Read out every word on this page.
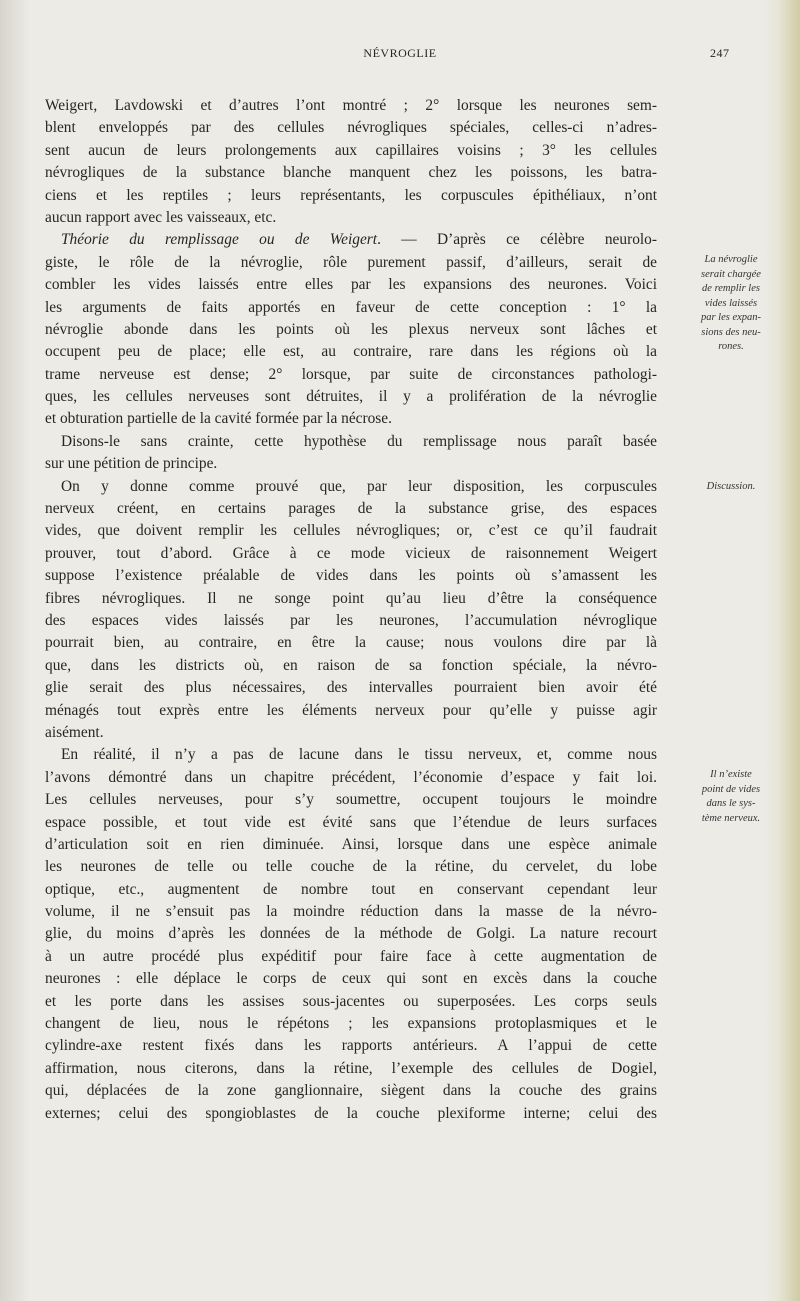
NÉVROGLIE	247
Weigert, Lavdowski et d’autres l’ont montré ; 2° lorsque les neurones sem-
blent enveloppés par des cellules névrogliques spéciales, celles-ci n’adres-
sent aucun de leurs prolongements aux capillaires voisins ; 3° les cellules
névrogliques de la substance blanche manquent chez les poissons, les batra-
ciens et les reptiles ; leurs représentants, les corpuscules épithéliaux, n’ont
aucun rapport avec les vaisseaux, etc.
Théorie du remplissage ou de Weigert. — D’après ce célèbre neurolo-
giste, le rôle de la névroglie, rôle purement passif, d’ailleurs, serait de
combler les vides laissés entre elles par les expansions des neurones. Voici
les arguments de faits apportés en faveur de cette conception : 1° la
névroglie abonde dans les points où les plexus nerveux sont lâches et
occupent peu de place; elle est, au contraire, rare dans les régions où la
trame nerveuse est dense; 2° lorsque, par suite de circonstances pathologi-
ques, les cellules nerveuses sont détruites, il y a prolifération de la névroglie
et obturation partielle de la cavité formée par la nécrose.
Disons-le sans crainte, cette hypothèse du remplissage nous paraît basée
sur une pétition de principe.
On y donne comme prouvé que, par leur disposition, les corpuscules
nerveux créent, en certains parages de la substance grise, des espaces
vides, que doivent remplir les cellules névrogliques; or, c’est ce qu’il faudrait
prouver, tout d’abord. Grâce à ce mode vicieux de raisonnement Weigert
suppose l’existence préalable de vides dans les points où s’amassent les
fibres névrogliques. Il ne songe point qu’au lieu d’être la conséquence
des espaces vides laissés par les neurones, l’accumulation névroglique
pourrait bien, au contraire, en être la cause; nous voulons dire par là
que, dans les districts où, en raison de sa fonction spéciale, la névro-
glie serait des plus nécessaires, des intervalles pourraient bien avoir été
ménagés tout exprès entre les éléments nerveux pour qu’elle y puisse agir
aisément.
En réalité, il n’y a pas de lacune dans le tissu nerveux, et, comme nous
l’avons démontré dans un chapitre précédent, l’économie d’espace y fait loi.
Les cellules nerveuses, pour s’y soumettre, occupent toujours le moindre
espace possible, et tout vide est évité sans que l’étendue de leurs surfaces
d’articulation soit en rien diminuée. Ainsi, lorsque dans une espèce animale
les neurones de telle ou telle couche de la rétine, du cervelet, du lobe
optique, etc., augmentent de nombre tout en conservant cependant leur
volume, il ne s’ensuit pas la moindre réduction dans la masse de la névro-
glie, du moins d’après les données de la méthode de Golgi. La nature recourt
à un autre procédé plus expéditif pour faire face à cette augmentation de
neurones : elle déplace le corps de ceux qui sont en excès dans la couche
et les porte dans les assises sous-jacentes ou superposées. Les corps seuls
changent de lieu, nous le répétons ; les expansions protoplasmiques et le
cylindre-axe restent fixés dans les rapports antérieurs. A l’appui de cette
affirmation, nous citerons, dans la rétine, l’exemple des cellules de Dogiel,
qui, déplacées de la zone ganglionnaire, siègent dans la couche des grains
externes; celui des spongioblastes de la couche plexiforme interne; celui des
La névroglie
serait chargée
de remplir les
vides laissés
par les expan-
sions des neu-
rones.
Discussion.
Il n’existe
point de vides
dans le sys-
tème nerveux.
